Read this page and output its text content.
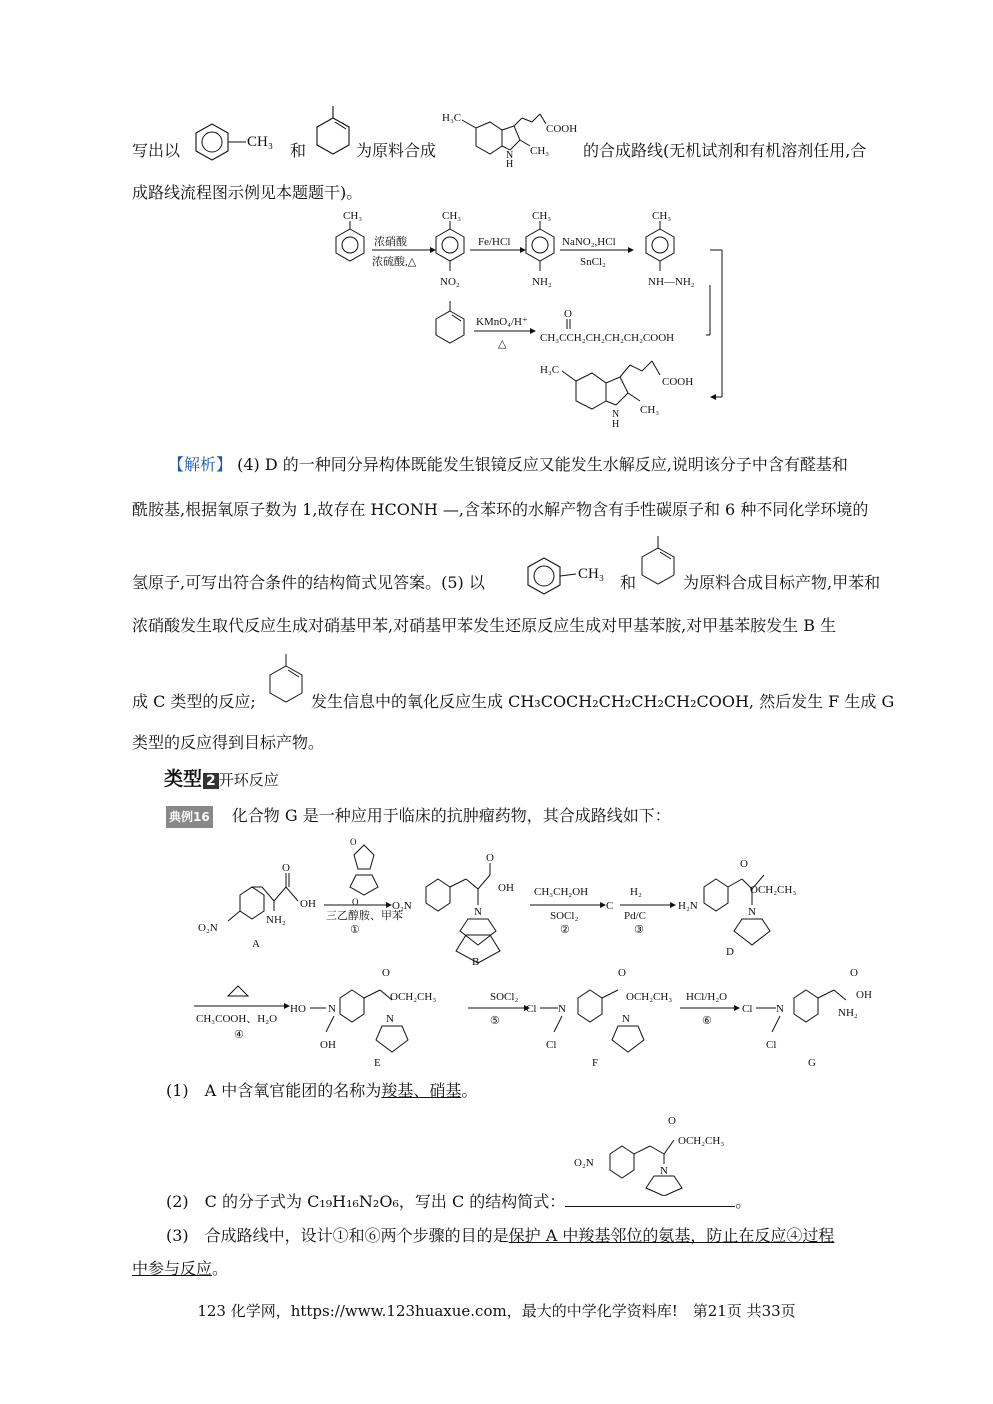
写出以	CH₃ 和	为原料合成
H₃C
COOH
N
H
CH₃ 的合成路线(无机试剂和有机溶剂任用,合
成路线流程图示例见本题题干)。
CH₃
浓硝酸
浓硫酸,△
CH₃
NO₂
Fe/HCl
CH₃
NH₂
NaNO₂,HCl
SnCl₂
CH₃
NH—NH₂
KMnO₄/H⁺
△
O
CH₃CCH₂CH₂CH₂CH₂COOH
H₃C
COOH
N
H
CH₃
【解析】 (4) D 的一种同分异构体既能发生银镜反应又能发生水解反应,说明该分子中含有醛基和
酰胺基,根据氧原子数为 1,故存在 HCONH —,含苯环的水解产物含有手性碳原子和 6 种不同化学环境的
氢原子,可写出符合条件的结构简式见答案。(5) 以	CH₃ 和	为原料合成目标产物,甲苯和
浓硝酸发生取代反应生成对硝基甲苯,对硝基甲苯发生还原反应生成对甲基苯胺,对甲基苯胺发生 B 生
成 C 类型的反应;	发生信息中的氧化反应生成 CH₃COCH₂CH₂CH₂CH₂COOH, 然后发生 F 生成 G
类型的反应得到目标产物。
类型 2 开环反应
典例16 化合物 G 是一种应用于临床的抗肿瘤药物，其合成路线如下：
O
OH
NH₂
O₂N
A
O
O
三乙醇胺、甲苯
①
O₂N
O
OH
N
B
CH₃CH₂OH
SOCl₂
②
C
H₂
Pd/C
③
H₂N
O
OCH₂CH₃
N
D
CH₃COOH、H₂O
④
HO N
OH
O
OCH₂CH₃
N
E
SOCl₂
⑤
Cl N
Cl
O
OCH₂CH₃
N
F
HCl/H₂O
⑥
Cl N
Cl
O
OH
NH₂
G
(1)　A 中含氧官能团的名称为羧基、硝基。
O₂N
O
OCH₂CH₃
N
(2)　C 的分子式为 C₁₉H₁₆N₂O₆，写出 C 的结构简式：	。
(3)　合成路线中，设计①和⑥两个步骤的目的是保护 A 中羧基邻位的氨基，防止在反应④过程
中参与反应。
123 化学网，https://www.123huaxue.com，最大的中学化学资料库!　第21页 共33页
